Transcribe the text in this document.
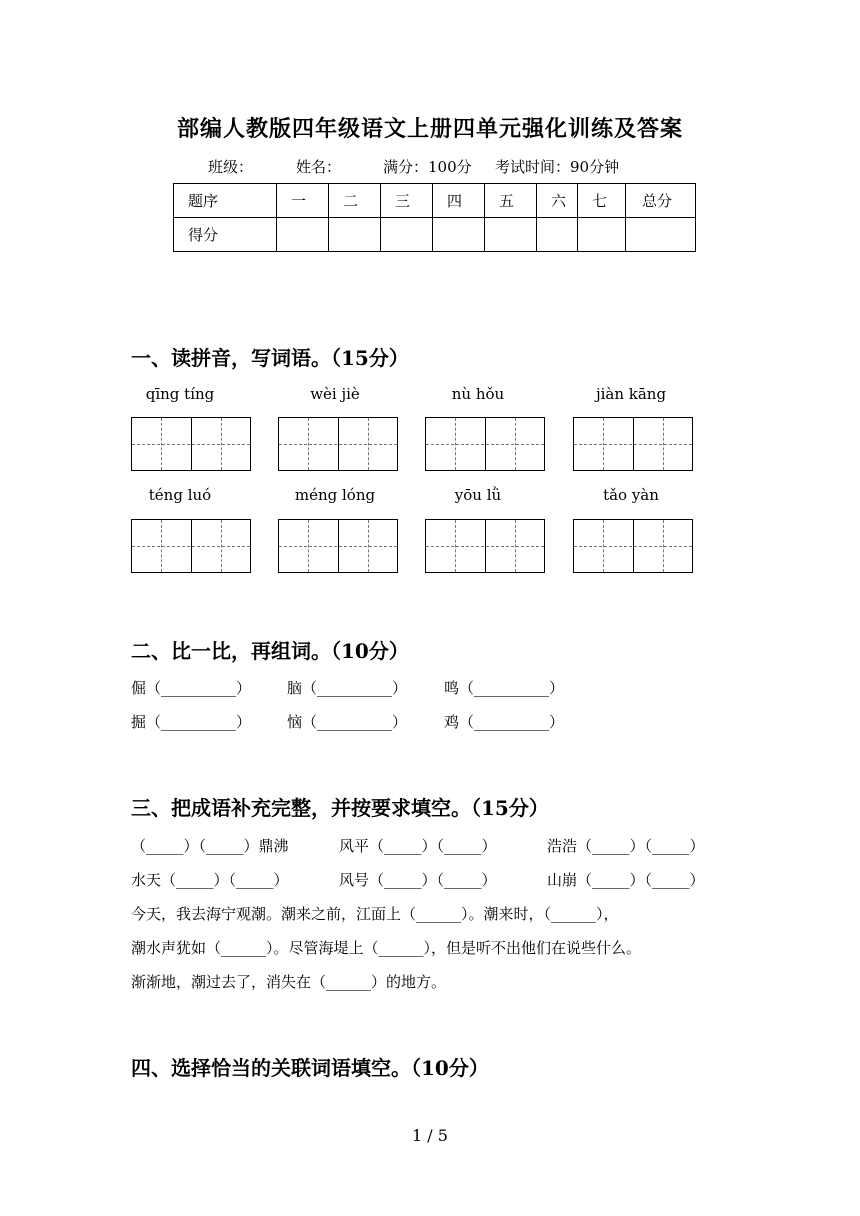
部编人教版四年级语文上册四单元强化训练及答案
班级：	姓名：	满分：100分 考试时间：90分钟
题序	一	二	三	四	五	六	七	总分
得分								
一、读拼音，写词语。（15分）
qīng tíng	wèi jiè	nù hǒu	jiàn kāng
téng luó	méng lóng	yōu lǜ	tǎo yàn
二、比一比，再组词。（10分）
倔（__________） 脑（__________） 鸣（__________）
掘（__________） 恼（__________） 鸡（__________）
三、把成语补充完整，并按要求填空。（15分）
（_____）（_____）鼎沸	风平（_____）（_____）	浩浩（_____）（_____）
水天（_____）（_____）	风号（_____）（_____）	山崩（_____）（_____）
今天，我去海宁观潮。潮来之前，江面上（______）。潮来时，（______），
潮水声犹如（______）。尽管海堤上（______），但是听不出他们在说些什么。
渐渐地，潮过去了，消失在（______）的地方。
四、选择恰当的关联词语填空。（10分）
1 / 5
